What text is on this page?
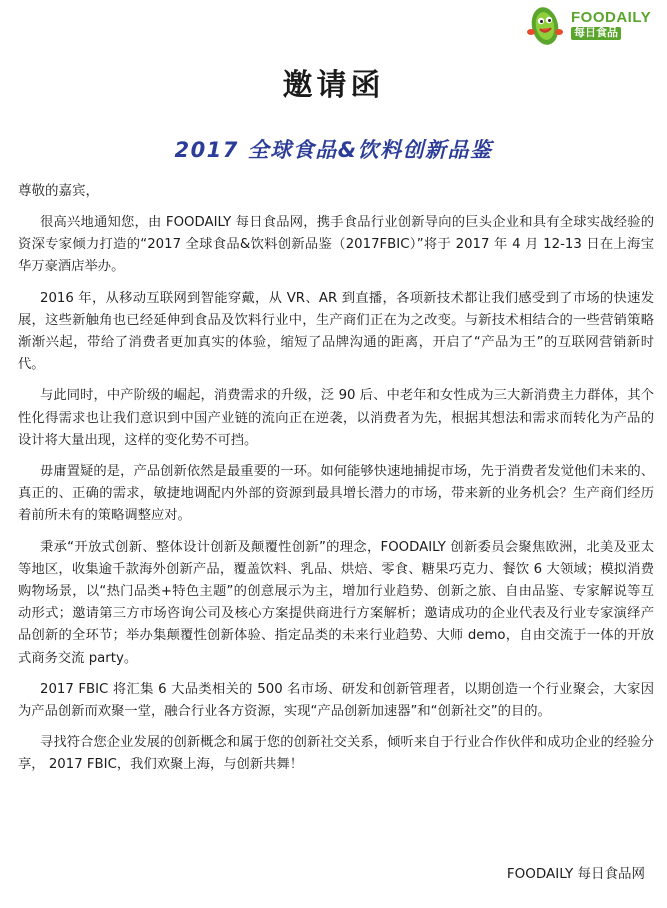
FOODAILY
每日食品
邀请函
2017 全球食品&饮料创新品鉴

尊敬的嘉宾，

很高兴地通知您，由 FOODAILY 每日食品网，携手食品行业创新导向的巨头企业和具有全球实战经验的资深专家倾力打造的“2017 全球食品&饮料创新品鉴（2017FBIC）”将于 2017 年 4 月 12-13 日在上海宝华万豪酒店举办。

2016 年，从移动互联网到智能穿戴，从 VR、AR 到直播，各项新技术都让我们感受到了市场的快速发展，这些新触角也已经延伸到食品及饮料行业中，生产商们正在为之改变。与新技术相结合的一些营销策略渐渐兴起，带给了消费者更加真实的体验，缩短了品牌沟通的距离，开启了“产品为王”的互联网营销新时代。

与此同时，中产阶级的崛起，消费需求的升级，泛 90 后、中老年和女性成为三大新消费主力群体，其个性化得需求也让我们意识到中国产业链的流向正在逆袭，以消费者为先，根据其想法和需求而转化为产品的设计将大量出现，这样的变化势不可挡。

毋庸置疑的是，产品创新依然是最重要的一环。如何能够快速地捕捉市场，先于消费者发觉他们未来的、真正的、正确的需求，敏捷地调配内外部的资源到最具增长潜力的市场，带来新的业务机会？生产商们经历着前所未有的策略调整应对。

秉承“开放式创新、整体设计创新及颠覆性创新”的理念，FOODAILY 创新委员会聚焦欧洲，北美及亚太等地区，收集逾千款海外创新产品，覆盖饮料、乳品、烘焙、零食、糖果巧克力、餐饮 6 大领域；模拟消费购物场景，以“热门品类+特色主题”的创意展示为主，增加行业趋势、创新之旅、自由品鉴、专家解说等互动形式；邀请第三方市场咨询公司及核心方案提供商进行方案解析；邀请成功的企业代表及行业专家演绎产品创新的全环节；举办集颠覆性创新体验、指定品类的未来行业趋势、大师 demo，自由交流于一体的开放式商务交流 party。

2017 FBIC 将汇集 6 大品类相关的 500 名市场、研发和创新管理者，以期创造一个行业聚会，大家因为产品创新而欢聚一堂，融合行业各方资源，实现“产品创新加速器”和“创新社交”的目的。

寻找符合您企业发展的创新概念和属于您的创新社交关系，倾听来自于行业合作伙伴和成功企业的经验分享， 2017 FBIC，我们欢聚上海，与创新共舞！

FOODAILY 每日食品网
